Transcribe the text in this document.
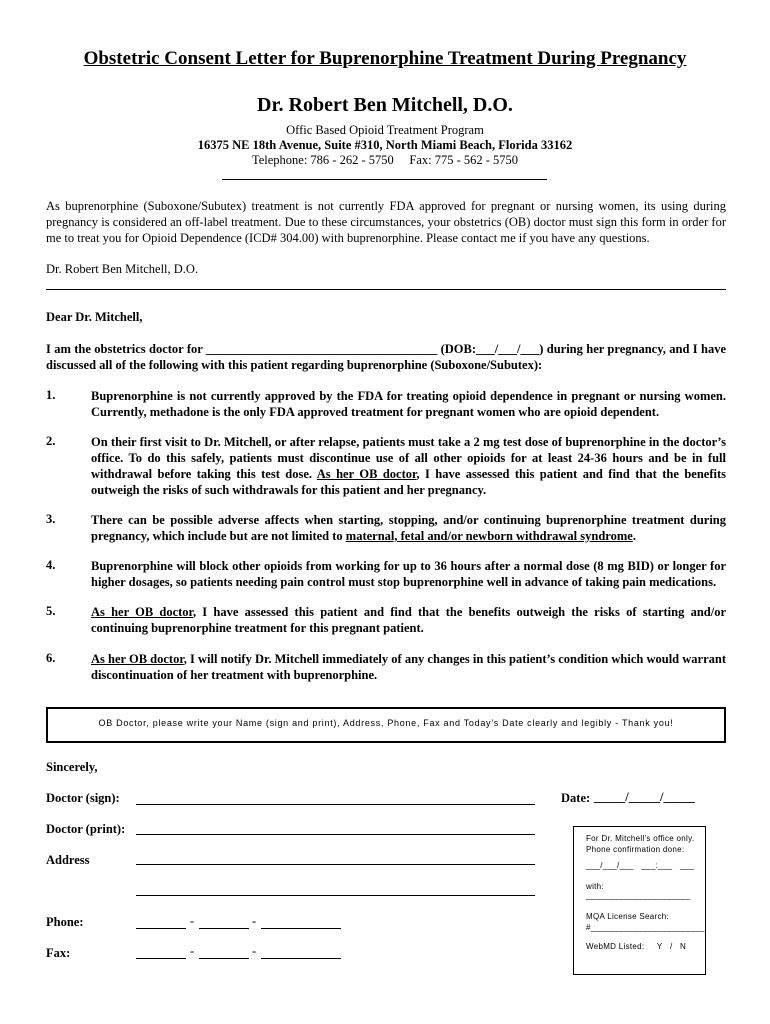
Obstetric Consent Letter for Buprenorphine Treatment During Pregnancy
Dr. Robert Ben Mitchell, D.O.
Offic Based Opioid Treatment Program
16375 NE 18th Avenue, Suite #310, North Miami Beach, Florida 33162
Telephone: 786 - 262 - 5750     Fax: 775 - 562 - 5750
As buprenorphine (Suboxone/Subutex) treatment is not currently FDA approved for pregnant or nursing women, its using during pregnancy is considered an off-label treatment. Due to these circumstances, your obstetrics (OB) doctor must sign this form in order for me to treat you for Opioid Dependence (ICD# 304.00) with buprenorphine. Please contact me if you have any questions.
Dr. Robert Ben Mitchell, D.O.
Dear Dr. Mitchell,
I am the obstetrics doctor for _____________________________________ (DOB:___/___/___) during her pregnancy, and I have discussed all of the following with this patient regarding buprenorphine (Suboxone/Subutex):
1.	Buprenorphine is not currently approved by the FDA for treating opioid dependence in pregnant or nursing women. Currently, methadone is the only FDA approved treatment for pregnant women who are opioid dependent.
2.	On their first visit to Dr. Mitchell, or after relapse, patients must take a 2 mg test dose of buprenorphine in the doctor’s office. To do this safely, patients must discontinue use of all other opioids for at least 24-36 hours and be in full withdrawal before taking this test dose. As her OB doctor, I have assessed this patient and find that the benefits outweigh the risks of such withdrawals for this patient and her pregnancy.
3.	There can be possible adverse affects when starting, stopping, and/or continuing buprenorphine treatment during pregnancy, which include but are not limited to maternal, fetal and/or newborn withdrawal syndrome.
4.	Buprenorphine will block other opioids from working for up to 36 hours after a normal dose (8 mg BID) or longer for higher dosages, so patients needing pain control must stop buprenorphine well in advance of taking pain medications.
5.	As her OB doctor, I have assessed this patient and find that the benefits outweigh the risks of starting and/or continuing buprenorphine treatment for this pregnant patient.
6.	As her OB doctor, I will notify Dr. Mitchell immediately of any changes in this patient’s condition which would warrant discontinuation of her treatment with buprenorphine.
OB Doctor, please write your Name (sign and print), Address, Phone, Fax and Today’s Date clearly and legibly - Thank you!
Sincerely,
Doctor (sign):	Date: _____/_____/_____
Doctor (print):
Address
Phone:	-	-
Fax:	-	-
For Dr. Mitchell's office only.
Phone confirmation done:
___/___/___   ___:___   ___
with: ______________________
MQA License Search:
#________________________
WebMD Listed:     Y   /   N
